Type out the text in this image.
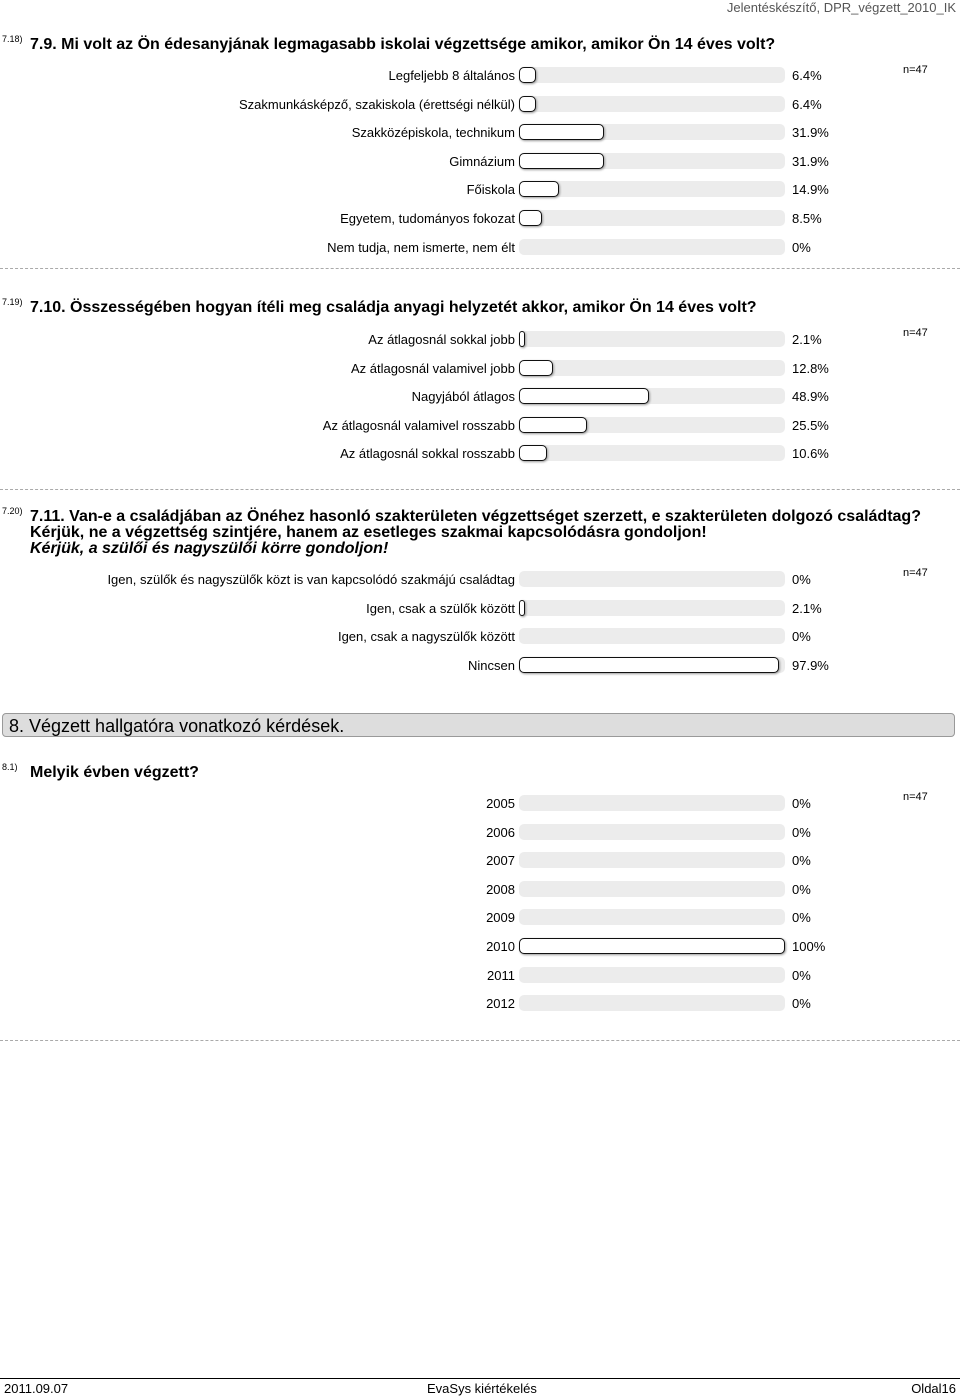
Jelentéskészítő, DPR_végzett_2010_IK
7.18) 7.9. Mi volt az Ön édesanyjának legmagasabb iskolai végzettsége amikor, amikor Ön 14 éves volt?
n=47
Legfeljebb 8 általános	6.4%
Szakmunkásképző, szakiskola (érettségi nélkül)	6.4%
Szakközépiskola, technikum	31.9%
Gimnázium	31.9%
Főiskola	14.9%
Egyetem, tudományos fokozat	8.5%
Nem tudja, nem ismerte, nem élt	0%
7.19) 7.10. Összességében hogyan ítéli meg családja anyagi helyzetét akkor, amikor Ön 14 éves volt?
n=47
Az átlagosnál sokkal jobb	2.1%
Az átlagosnál valamivel jobb	12.8%
Nagyjából átlagos	48.9%
Az átlagosnál valamivel rosszabb	25.5%
Az átlagosnál sokkal rosszabb	10.6%
7.20) 7.11. Van-e a családjában az Önéhez hasonló szakterületen végzettséget szerzett, e szakterületen dolgozó családtag? Kérjük, ne a végzettség szintjére, hanem az esetleges szakmai kapcsolódásra gondoljon!
Kérjük, a szülői és nagyszülői körre gondoljon!
n=47
Igen, szülők és nagyszülők közt is van kapcsolódó szakmájú családtag	0%
Igen, csak a szülők között	2.1%
Igen, csak a nagyszülők között	0%
Nincsen	97.9%
8.1) Melyik évben végzett?
n=47
2005	0%
2006	0%
2007	0%
2008	0%
2009	0%
2010	100%
2011	0%
2012	0%
8. Végzett hallgatóra vonatkozó kérdések.
2011.09.07	EvaSys kiértékelés	Oldal16
